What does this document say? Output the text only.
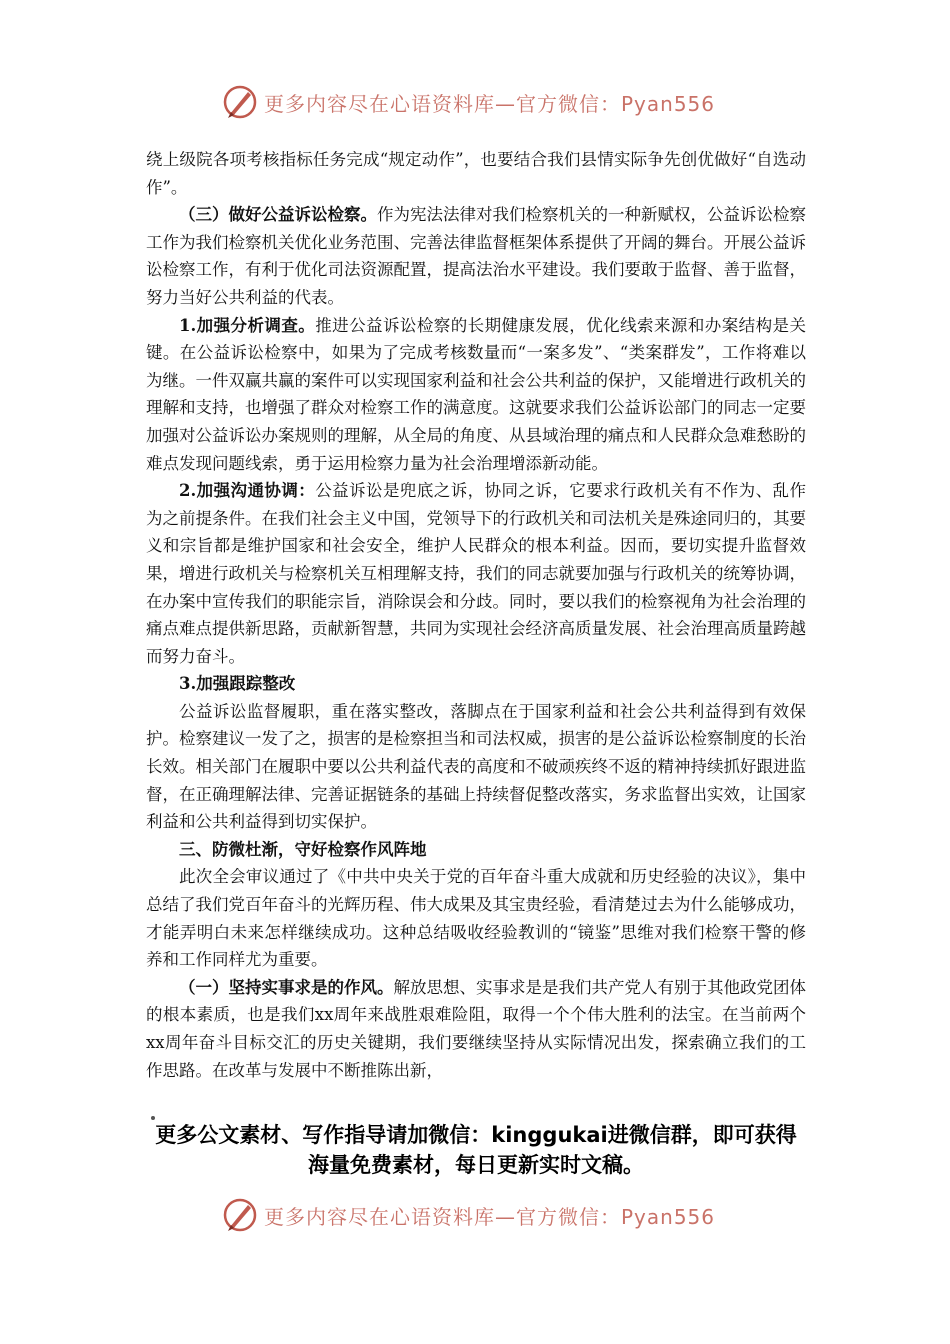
更多内容尽在心语资料库—官方微信：Pyan556

绕上级院各项考核指标任务完成“规定动作”，也要结合我们县情实际争先创优做好“自选动作”。

（三）做好公益诉讼检察。作为宪法法律对我们检察机关的一种新赋权，公益诉讼检察工作为我们检察机关优化业务范围、完善法律监督框架体系提供了开阔的舞台。开展公益诉讼检察工作，有利于优化司法资源配置，提高法治水平建设。我们要敢于监督、善于监督，努力当好公共利益的代表。

1.加强分析调查。推进公益诉讼检察的长期健康发展，优化线索来源和办案结构是关键。在公益诉讼检察中，如果为了完成考核数量而“一案多发”、“类案群发”，工作将难以为继。一件双赢共赢的案件可以实现国家利益和社会公共利益的保护，又能增进行政机关的理解和支持，也增强了群众对检察工作的满意度。这就要求我们公益诉讼部门的同志一定要加强对公益诉讼办案规则的理解，从全局的角度、从县域治理的痛点和人民群众急难愁盼的难点发现问题线索，勇于运用检察力量为社会治理增添新动能。

2.加强沟通协调：公益诉讼是兜底之诉，协同之诉，它要求行政机关有不作为、乱作为之前提条件。在我们社会主义中国，党领导下的行政机关和司法机关是殊途同归的，其要义和宗旨都是维护国家和社会安全，维护人民群众的根本利益。因而，要切实提升监督效果，增进行政机关与检察机关互相理解支持，我们的同志就要加强与行政机关的统筹协调，在办案中宣传我们的职能宗旨，消除误会和分歧。同时，要以我们的检察视角为社会治理的痛点难点提供新思路，贡献新智慧，共同为实现社会经济高质量发展、社会治理高质量跨越而努力奋斗。

3.加强跟踪整改

公益诉讼监督履职，重在落实整改，落脚点在于国家利益和社会公共利益得到有效保护。检察建议一发了之，损害的是检察担当和司法权威，损害的是公益诉讼检察制度的长治长效。相关部门在履职中要以公共利益代表的高度和不破顽疾终不返的精神持续抓好跟进监督，在正确理解法律、完善证据链条的基础上持续督促整改落实，务求监督出实效，让国家利益和公共利益得到切实保护。

三、防微杜渐，守好检察作风阵地

此次全会审议通过了《中共中央关于党的百年奋斗重大成就和历史经验的决议》，集中总结了我们党百年奋斗的光辉历程、伟大成果及其宝贵经验，看清楚过去为什么能够成功，才能弄明白未来怎样继续成功。这种总结吸收经验教训的“镜鉴”思维对我们检察干警的修养和工作同样尤为重要。

（一）坚持实事求是的作风。解放思想、实事求是是我们共产党人有别于其他政党团体的根本素质，也是我们xx周年来战胜艰难险阻，取得一个个伟大胜利的法宝。在当前两个xx周年奋斗目标交汇的历史关键期，我们要继续坚持从实际情况出发，探索确立我们的工作思路。在改革与发展中不断推陈出新，

更多公文素材、写作指导请加微信：kinggukai进微信群，即可获得海量免费素材，每日更新实时文稿。
更多内容尽在心语资料库—官方微信：Pyan556
